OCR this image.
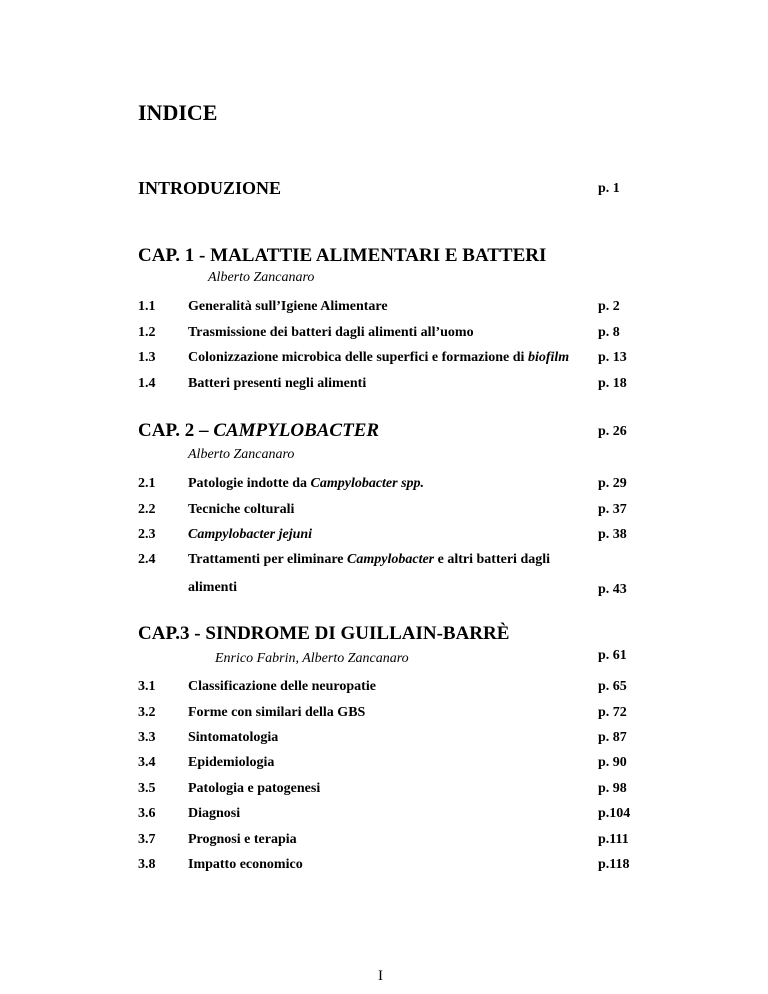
INDICE
INTRODUZIONE	p. 1
CAP. 1 - MALATTIE ALIMENTARI E BATTERI
Alberto Zancanaro
1.1 Generalità sull’Igiene Alimentare	p. 2
1.2 Trasmissione dei batteri dagli alimenti all’uomo	p. 8
1.3 Colonizzazione microbica delle superfici e formazione di biofilm p. 13
1.4 Batteri presenti negli alimenti	p. 18
CAP. 2 – CAMPYLOBACTER	p. 26
Alberto Zancanaro
2.1 Patologie indotte da Campylobacter spp.	p. 29
2.2 Tecniche colturali	p. 37
2.3 Campylobacter jejuni	p. 38
2.4 Trattamenti per eliminare Campylobacter e altri batteri dagli
alimenti	p. 43
CAP.3 - SINDROME DI GUILLAIN-BARRÈ
Enrico Fabrin, Alberto Zancanaro	p. 61
3.1 Classificazione delle neuropatie	p. 65
3.2 Forme con similari della GBS	p. 72
3.3 Sintomatologia	p. 87
3.4 Epidemiologia	p. 90
3.5 Patologia e patogenesi	p. 98
3.6 Diagnosi	p.104
3.7 Prognosi e terapia	p.111
3.8 Impatto economico	p.118
I
